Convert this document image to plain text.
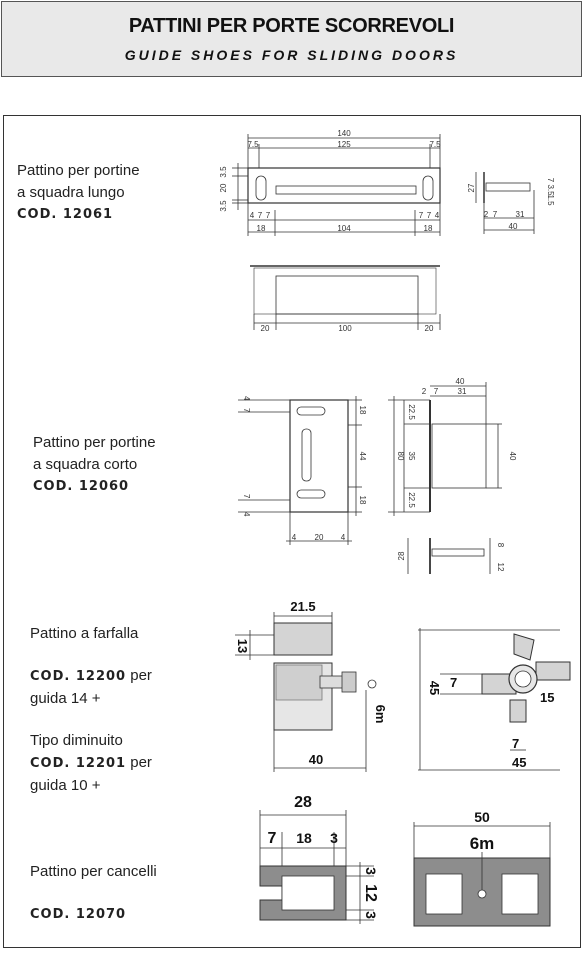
PATTINI PER PORTE SCORREVOLI
GUIDE SHOES FOR SLIDING DOORS
Pattino per portine
a squadra lungo
COD. 12061
Pattino per portine
a squadra corto
COD. 12060
Pattino a farfalla
COD. 12200 per
guida 14 +
Tipo diminuito
COD. 12201 per
guida 10 +
Pattino per cancelli
COD. 12070
140
7.5	125	7.5
3.5
20
3.5
4 7 7	7 7 4
18	104	18
27
2 7 31
40
7
3.5
1.5
20	100	20
4
7
7
4
18
44
18
4 20 4
40
2 7 31
80
22.5
35
22.5
40
28
8
12
21.5
13
40
6m
45 7
15
7
45
28
7 18 3
3
12
3
50
6m
